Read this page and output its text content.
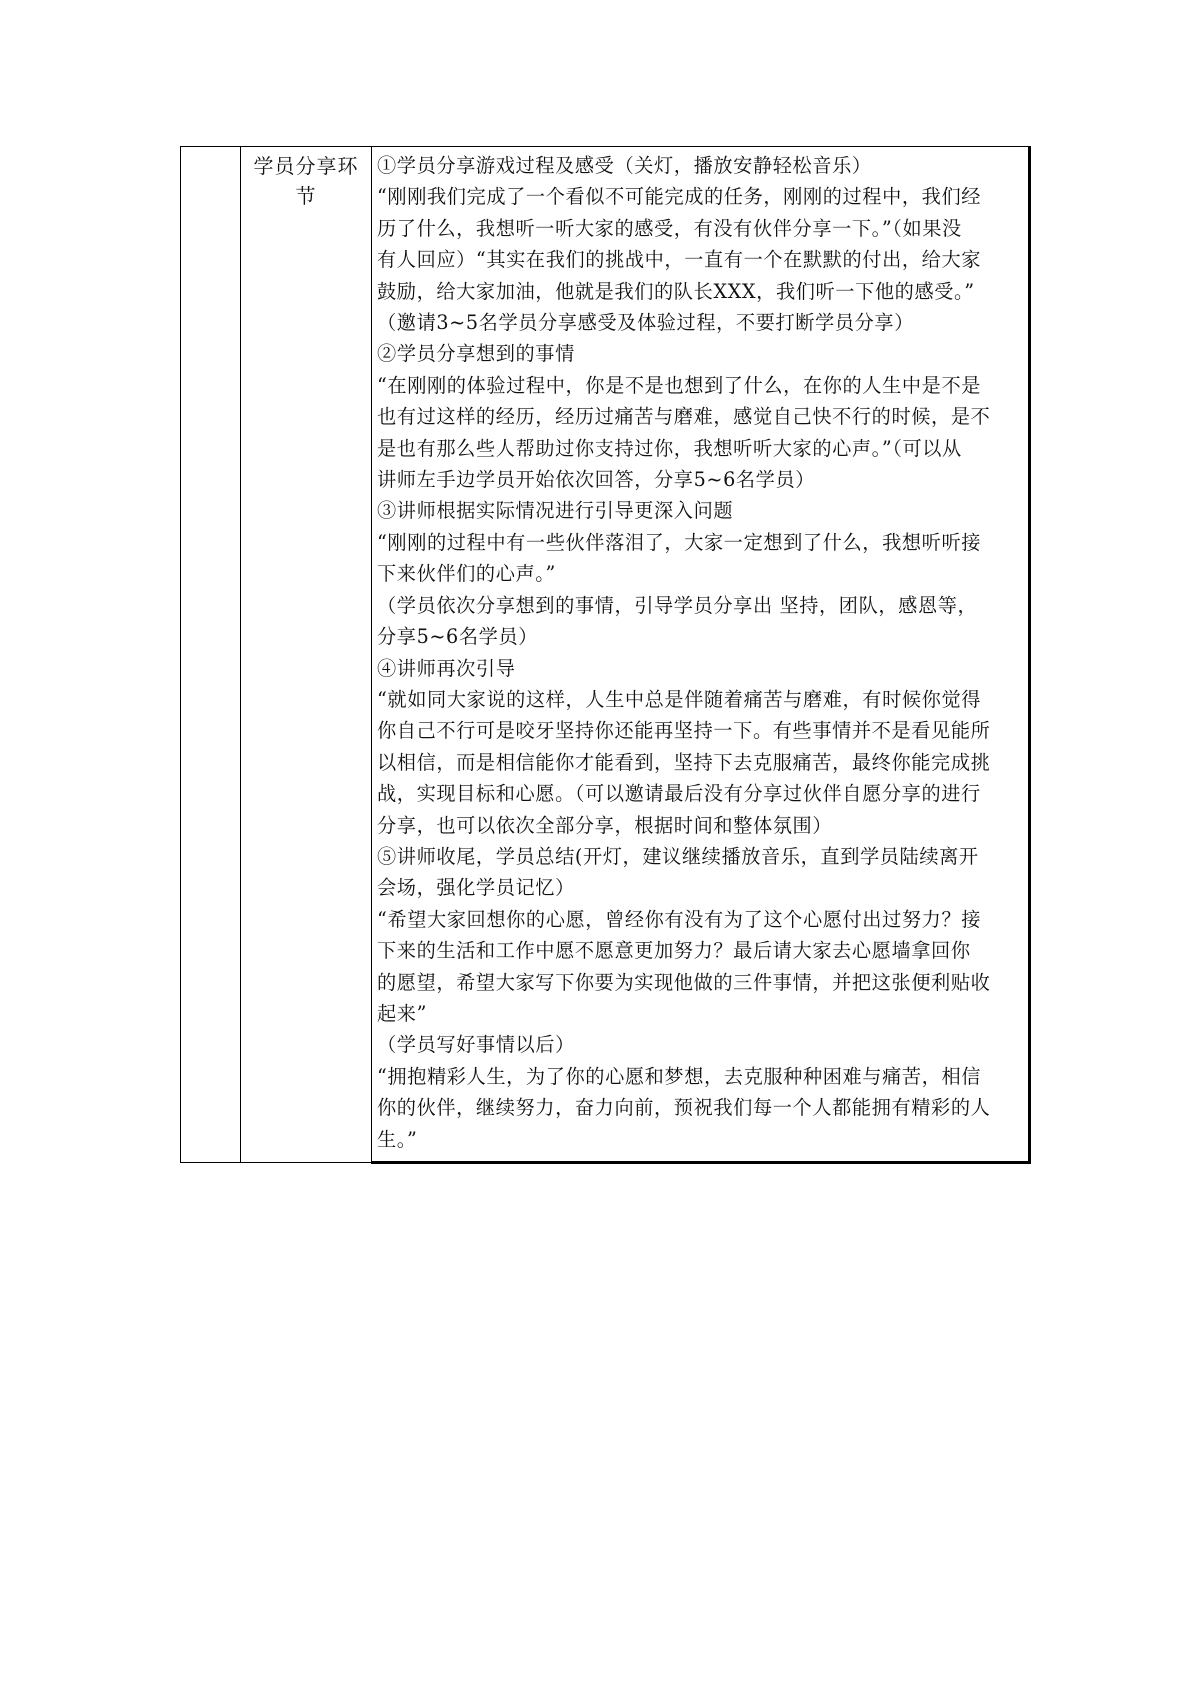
学员分享环节

①学员分享游戏过程及感受（关灯，播放安静轻松音乐）
“刚刚我们完成了一个看似不可能完成的任务，刚刚的过程中，我们经
历了什么，我想听一听大家的感受，有没有伙伴分享一下。”（如果没
有人回应）“其实在我们的挑战中，一直有一个在默默的付出，给大家
鼓励，给大家加油，他就是我们的队长XXX，我们听一下他的感受。”
（邀请3~5名学员分享感受及体验过程，不要打断学员分享）
②学员分享想到的事情
“在刚刚的体验过程中，你是不是也想到了什么，在你的人生中是不是
也有过这样的经历，经历过痛苦与磨难，感觉自己快不行的时候，是不
是也有那么些人帮助过你支持过你，我想听听大家的心声。”（可以从
讲师左手边学员开始依次回答，分享5~6名学员）
③讲师根据实际情况进行引导更深入问题
“刚刚的过程中有一些伙伴落泪了，大家一定想到了什么，我想听听接
下来伙伴们的心声。”
（学员依次分享想到的事情，引导学员分享出 坚持，团队，感恩等，
分享5~6名学员）
④讲师再次引导
“就如同大家说的这样，人生中总是伴随着痛苦与磨难，有时候你觉得
你自己不行可是咬牙坚持你还能再坚持一下。有些事情并不是看见能所
以相信，而是相信能你才能看到，坚持下去克服痛苦，最终你能完成挑
战，实现目标和心愿。（可以邀请最后没有分享过伙伴自愿分享的进行
分享，也可以依次全部分享，根据时间和整体氛围）
⑤讲师收尾，学员总结(开灯，建议继续播放音乐，直到学员陆续离开
会场，强化学员记忆）
“希望大家回想你的心愿，曾经你有没有为了这个心愿付出过努力？接
下来的生活和工作中愿不愿意更加努力？最后请大家去心愿墙拿回你
的愿望，希望大家写下你要为实现他做的三件事情，并把这张便利贴收
起来”
（学员写好事情以后）
“拥抱精彩人生，为了你的心愿和梦想，去克服种种困难与痛苦，相信
你的伙伴，继续努力，奋力向前，预祝我们每一个人都能拥有精彩的人
生。”
